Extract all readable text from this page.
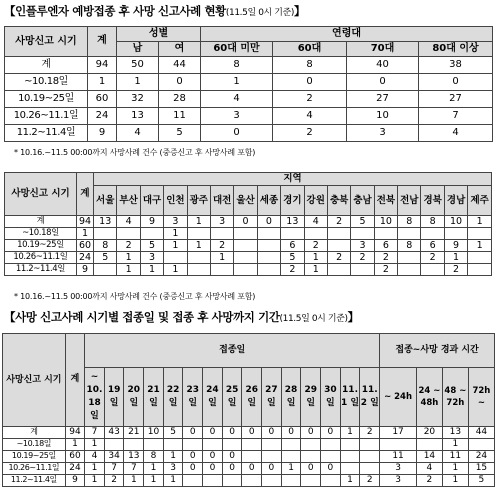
【인플루엔자 예방접종 후 사망 신고사례 현황(11.5일 0시 기준)】
사망신고 시기	계	성별		연령대			
		남	여	60대 미만	60대	70대	80대 이상
계	94	50	44	8	8	40	38
~10.18일	1	1	0	1	0	0	0
10.19~25일	60	32	28	4	2	27	27
10.26~11.1일	24	13	11	3	4	10	7
11.2~11.4일	9	4	5	0	2	3	4
* 10.16.~11.5 00:00까지 사망사례 건수 (중증신고 후 사망사례 포함)
사망신고 시기	계	지역																
		서울	부산	대구	인천	광주	대전	울산	세종	경기	강원	충북	충남	전북	전남	경북	경남	제주
계	94	13	4	9	3	1	3	0	0	13	4	2	5	10	8	8	10	1
~10.18일	1				1													
10.19~25일	60	8	2	5	1	1	2			6	2		3	6	8	6	9	1
10.26~11.1일	24	5	1	3			1			5	1	2	2	2		2	1	
11.2~11.4일	9		1	1	1					2	1			2			2	
* 10.16.~11.5 00:00까지 사망사례 건수 (중증신고 후 사망사례 포함)
【사망 신고사례 시기별 접종일 및 접종 후 사망까지 기간(11.5일 0시 기준)】
사망신고 시기	계	접종일															접종~사망 경과 시간			
		~ 10. 18 일	19 일	20 일	21 일	22 일	23 일	24 일	25 일	26 일	27 일	28 일	29 일	30 일	11. 1 일	11. 2 일	~ 24h	24 ~ 48h	48 ~ 72h	72h ~
계	94	7	43	21	10	5	0	0	0	0	0	0	0	0	1	2	17	20	13	44
~10.18일	1	1																	1	
10.19~25일	60	4	34	13	8	1	0	0	0								11	14	11	24
10.26~11.1일	24	1	7	7	1	3	0	0	0	0	0	1	0	0			3	4	1	15
11.2~11.4일	9	1	2	1	1	1									1	2	3	2	1	5
